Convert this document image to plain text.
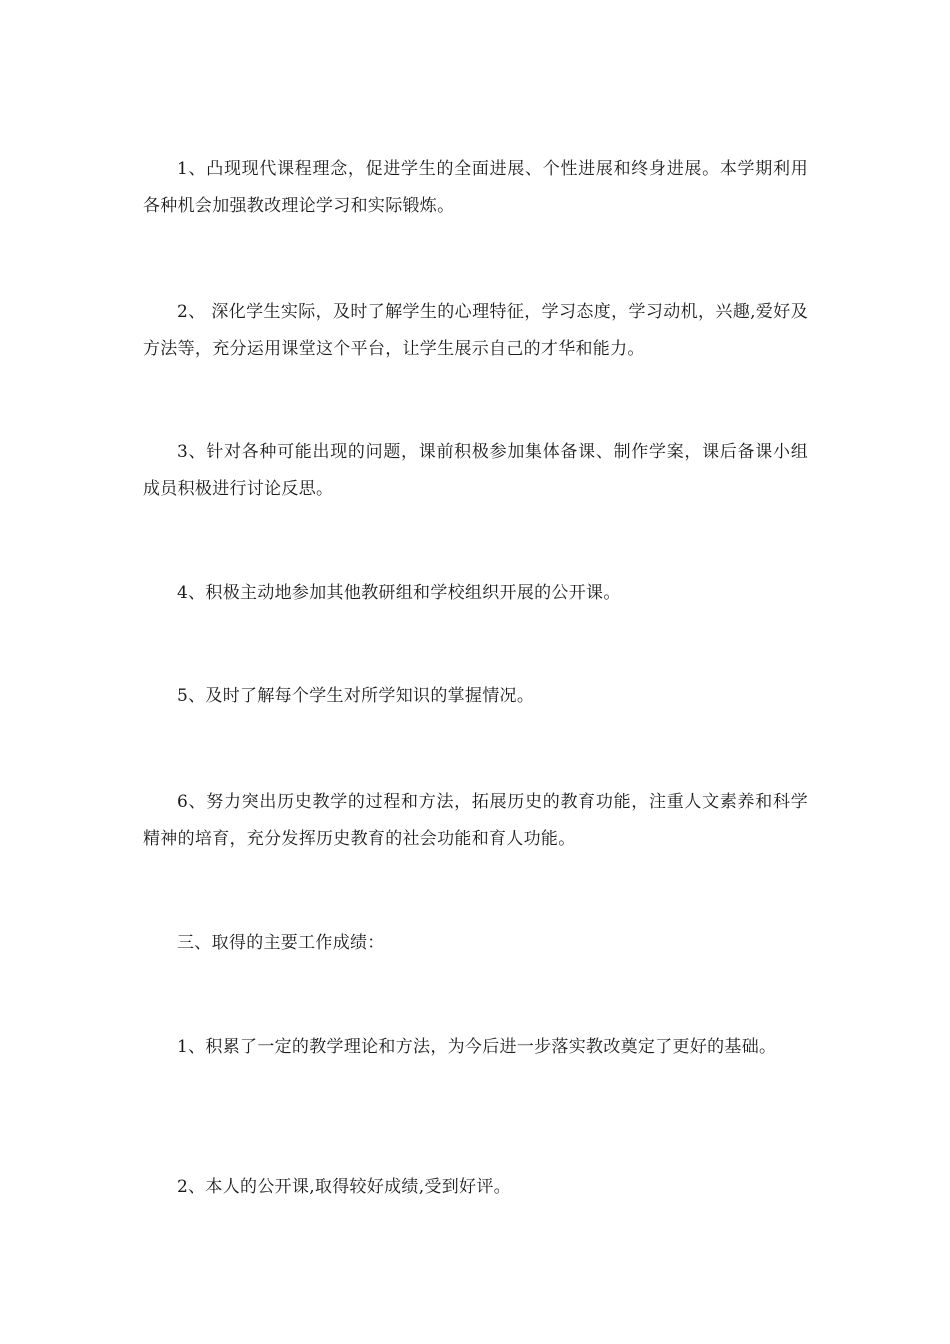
1、凸现现代课程理念，促进学生的全面进展、个性进展和终身进展。本学期利用各种机会加强教改理论学习和实际锻炼。

2、 深化学生实际，及时了解学生的心理特征，学习态度，学习动机，兴趣,爱好及方法等，充分运用课堂这个平台，让学生展示自己的才华和能力。

3、针对各种可能出现的问题，课前积极参加集体备课、制作学案，课后备课小组成员积极进行讨论反思。

4、积极主动地参加其他教研组和学校组织开展的公开课。

5、及时了解每个学生对所学知识的掌握情况。

6、努力突出历史教学的过程和方法，拓展历史的教育功能，注重人文素养和科学精神的培育，充分发挥历史教育的社会功能和育人功能。

三、取得的主要工作成绩：

1、积累了一定的教学理论和方法，为今后进一步落实教改奠定了更好的基础。

2、本人的公开课,取得较好成绩,受到好评。
